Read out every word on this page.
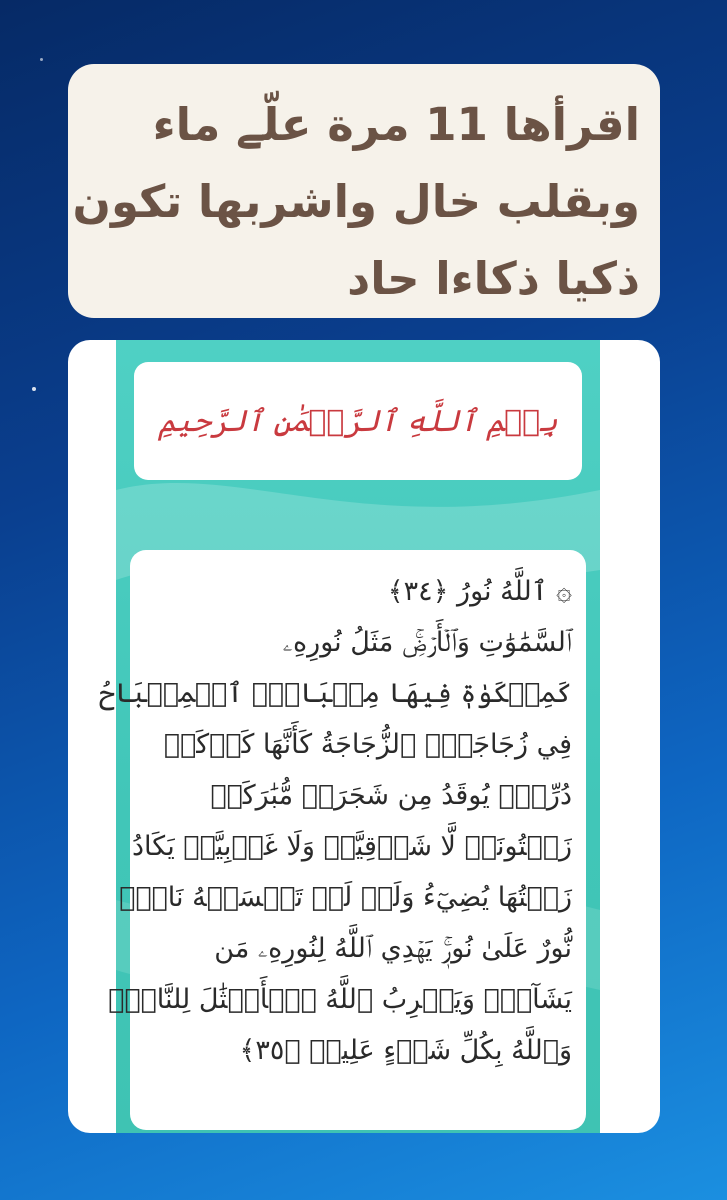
اقرأها 11 مرة علّے ماء
وبقلب خال واشربها تكون
ذكيا ذكاءا حاد
بِسۡمِ ٱللَّهِ ٱلرَّحۡمَٰنِ ٱلرَّحِيمِ
۞ ٱللَّهُ نُورُ ﴿٣٤﴾
ٱلسَّمَٰوَٰتِ وَٱلۡأَرۡضِۚ مَثَلُ نُورِهِۦ
كَمِشۡكَوٰةٖ فِيهَا مِصۡبَاحٌۖ ٱلۡمِصۡبَاحُ
فِي زُجَاجَةٍۖ ٱلزُّجَاجَةُ كَأَنَّهَا كَوۡكَبٞ
دُرِّيّٞ يُوقَدُ مِن شَجَرَةٖ مُّبَٰرَكَةٖ
زَيۡتُونَةٖ لَّا شَرۡقِيَّةٖ وَلَا غَرۡبِيَّةٖ يَكَادُ
زَيۡتُهَا يُضِيٓءُ وَلَوۡ لَمۡ تَمۡسَسۡهُ نَارٞۚ
نُّورٌ عَلَىٰ نُورٖۚ يَهۡدِي ٱللَّهُ لِنُورِهِۦ مَن
يَشَآءُۚ وَيَضۡرِبُ ٱللَّهُ ٱلۡأَمۡثَٰلَ لِلنَّاسِۗ
وَٱللَّهُ بِكُلِّ شَيۡءٍ عَلِيمٞ ﴿٣٥﴾
